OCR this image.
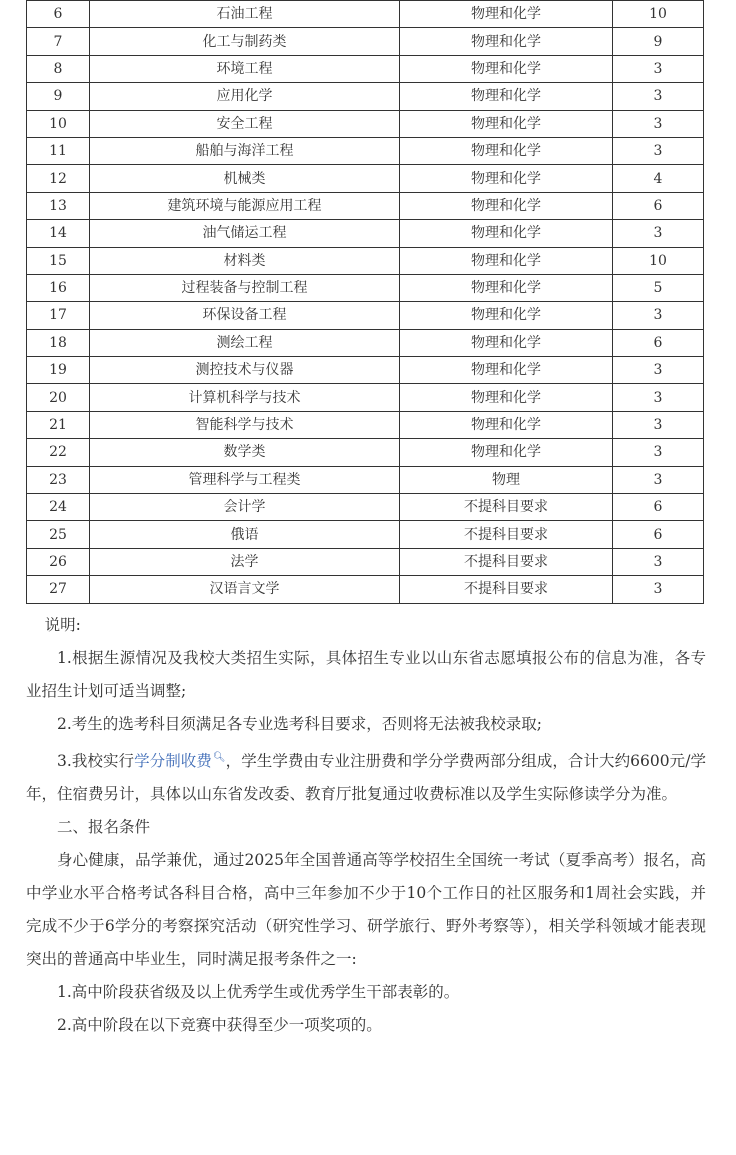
6	石油工程	物理和化学	10
7	化工与制药类	物理和化学	9
8	环境工程	物理和化学	3
9	应用化学	物理和化学	3
10	安全工程	物理和化学	3
11	船舶与海洋工程	物理和化学	3
12	机械类	物理和化学	4
13	建筑环境与能源应用工程	物理和化学	6
14	油气储运工程	物理和化学	3
15	材料类	物理和化学	10
16	过程装备与控制工程	物理和化学	5
17	环保设备工程	物理和化学	3
18	测绘工程	物理和化学	6
19	测控技术与仪器	物理和化学	3
20	计算机科学与技术	物理和化学	3
21	智能科学与技术	物理和化学	3
22	数学类	物理和化学	3
23	管理科学与工程类	物理	3
24	会计学	不提科目要求	6
25	俄语	不提科目要求	6
26	法学	不提科目要求	3
27	汉语言文学	不提科目要求	3

说明:

1.根据生源情况及我校大类招生实际，具体招生专业以山东省志愿填报公布的信息为准，各专业招生计划可适当调整;

2.考生的选考科目须满足各专业选考科目要求，否则将无法被我校录取;

3.我校实行学分制收费🔍︎，学生学费由专业注册费和学分学费两部分组成，合计大约6600元/学年，住宿费另计，具体以山东省发改委、教育厅批复通过收费标准以及学生实际修读学分为准。

二、报名条件

身心健康，品学兼优，通过2025年全国普通高等学校招生全国统一考试（夏季高考）报名，高中学业水平合格考试各科目合格，高中三年参加不少于10个工作日的社区服务和1周社会实践，并完成不少于6学分的考察探究活动（研究性学习、研学旅行、野外考察等），相关学科领域才能表现突出的普通高中毕业生，同时满足报考条件之一:

1.高中阶段获省级及以上优秀学生或优秀学生干部表彰的。

2.高中阶段在以下竞赛中获得至少一项奖项的。
